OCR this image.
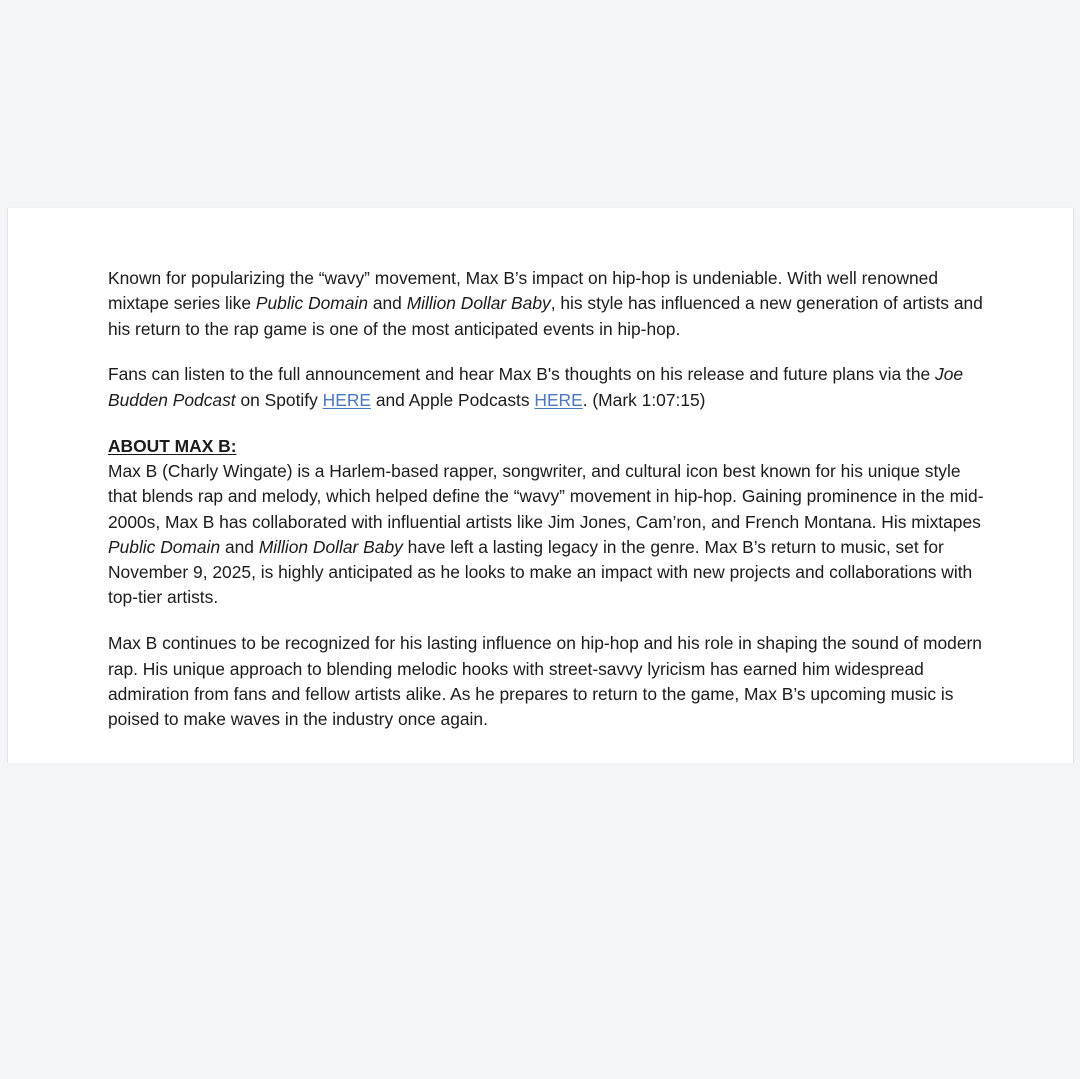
Known for popularizing the “wavy” movement, Max B’s impact on hip-hop is undeniable. With well renowned mixtape series like Public Domain and Million Dollar Baby, his style has influenced a new generation of artists and his return to the rap game is one of the most anticipated events in hip-hop.

Fans can listen to the full announcement and hear Max B's thoughts on his release and future plans via the Joe Budden Podcast on Spotify HERE and Apple Podcasts HERE. (Mark 1:07:15)

ABOUT MAX B:
Max B (Charly Wingate) is a Harlem-based rapper, songwriter, and cultural icon best known for his unique style that blends rap and melody, which helped define the “wavy” movement in hip-hop. Gaining prominence in the mid-2000s, Max B has collaborated with influential artists like Jim Jones, Cam’ron, and French Montana. His mixtapes Public Domain and Million Dollar Baby have left a lasting legacy in the genre. Max B’s return to music, set for November 9, 2025, is highly anticipated as he looks to make an impact with new projects and collaborations with top-tier artists.

Max B continues to be recognized for his lasting influence on hip-hop and his role in shaping the sound of modern rap. His unique approach to blending melodic hooks with street-savvy lyricism has earned him widespread admiration from fans and fellow artists alike. As he prepares to return to the game, Max B’s upcoming music is poised to make waves in the industry once again.
